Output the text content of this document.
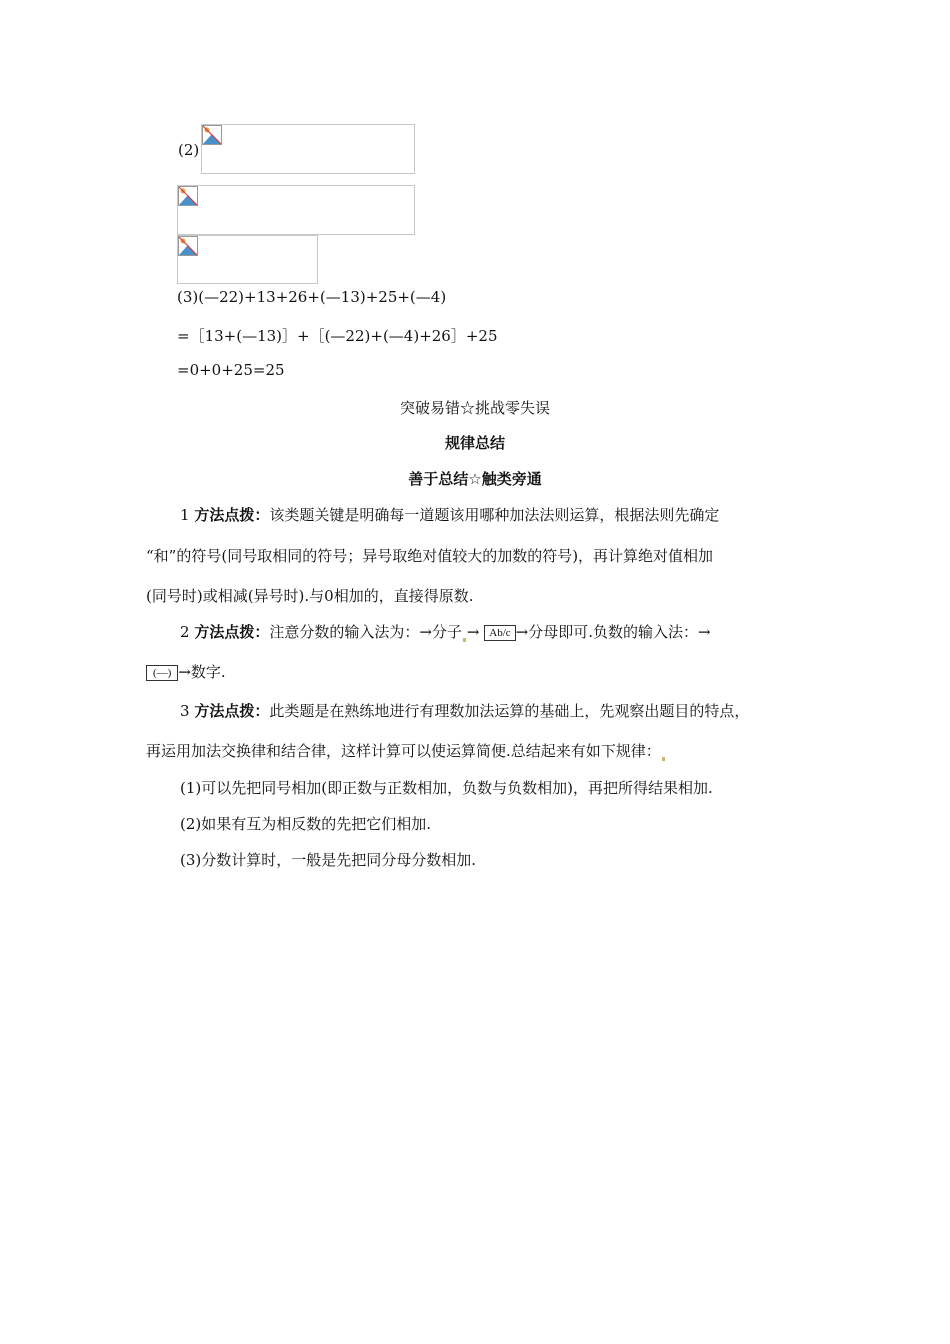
(2)
(3)(—22)+13+26+(—13)+25+(—4)
=［13+(—13)］+［(—22)+(—4)+26］+25
=0+0+25=25
突破易错☆挑战零失误
规律总结
善于总结☆触类旁通
1 方法点拨：该类题关键是明确每一道题该用哪种加法法则运算，根据法则先确定
“和”的符号(同号取相同的符号；异号取绝对值较大的加数的符号)，再计算绝对值相加
(同号时)或相减(异号时).与0相加的，直接得原数.
2 方法点拨：注意分数的输入法为：→分子 → Ab/c →分母即可.负数的输入法：→
(—) →数字.
3 方法点拨：此类题是在熟练地进行有理数加法运算的基础上，先观察出题目的特点，
再运用加法交换律和结合律，这样计算可以使运算简便.总结起来有如下规律：
(1)可以先把同号相加(即正数与正数相加，负数与负数相加)，再把所得结果相加.
(2)如果有互为相反数的先把它们相加.
(3)分数计算时，一般是先把同分母分数相加.
